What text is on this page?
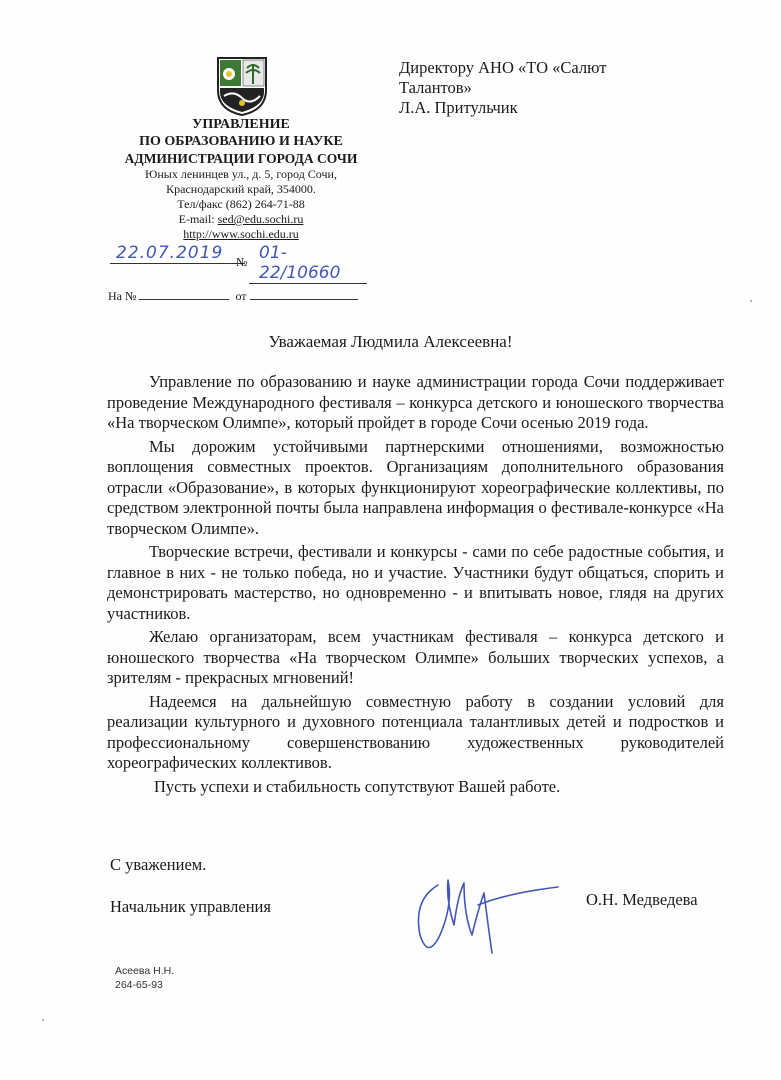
УПРАВЛЕНИЕ
ПО ОБРАЗОВАНИЮ И НАУКЕ
АДМИНИСТРАЦИИ ГОРОДА СОЧИ
Юных ленинцев ул., д. 5, город Сочи,
Краснодарский край, 354000.
Тел/факс (862) 264-71-88
E-mail: sed@edu.sochi.ru
http://www.sochi.edu.ru
22.07.2019	№ 01-22/10660
На №	от
Директору АНО «ТО «Салют
Талантов»
Л.А. Притульчик
Уважаемая Людмила Алексеевна!

Управление по образованию и науке администрации города Сочи поддерживает проведение Международного фестиваля – конкурса детского и юношеского творчества «На творческом Олимпе», который пройдет в городе Сочи осенью 2019 года.

Мы дорожим устойчивыми партнерскими отношениями, возможностью воплощения совместных проектов. Организациям дополнительного образования отрасли «Образование», в которых функционируют хореографические коллективы, по средством электронной почты была направлена информация о фестивале-конкурсе «На творческом Олимпе».

Творческие встречи, фестивали и конкурсы - сами по себе радостные события, и главное в них - не только победа, но и участие. Участники будут общаться, спорить и демонстрировать мастерство, но одновременно - и впитывать новое, глядя на других участников.

Желаю организаторам, всем участникам фестиваля – конкурса детского и юношеского творчества «На творческом Олимпе» больших творческих успехов, а зрителям - прекрасных мгновений!

Надеемся на дальнейшую совместную работу в создании условий для реализации культурного и духовного потенциала талантливых детей и подростков и профессиональному совершенствованию художественных руководителей хореографических коллективов.

Пусть успехи и стабильность сопутствуют Вашей работе.

С уважением.
Начальник управления	О.Н. Медведева
Асеева Н.Н.
264-65-93
